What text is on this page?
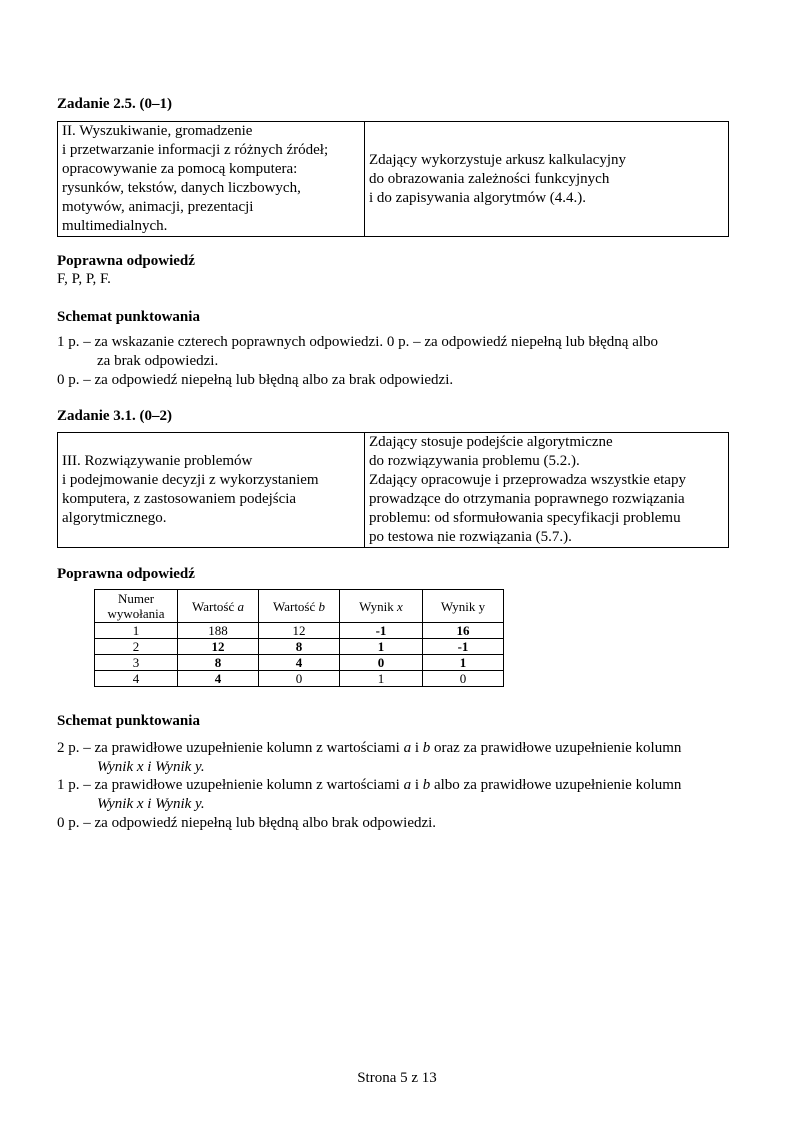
Zadanie 2.5. (0–1)
II. Wyszukiwanie, gromadzenie
i przetwarzanie informacji z różnych źródeł;
opracowywanie za pomocą komputera:
rysunków, tekstów, danych liczbowych,
motywów, animacji, prezentacji
multimedialnych.

Zdający wykorzystuje arkusz kalkulacyjny
do obrazowania zależności funkcyjnych
i do zapisywania algorytmów (4.4.).
Poprawna odpowiedź
F, P, P, F.
Schemat punktowania
1 p. – za wskazanie czterech poprawnych odpowiedzi. 0 p. – za odpowiedź niepełną lub błędną albo
za brak odpowiedzi.
0 p. – za odpowiedź niepełną lub błędną albo za brak odpowiedzi.
Zadanie 3.1. (0–2)
III. Rozwiązywanie problemów
i podejmowanie decyzji z wykorzystaniem
komputera, z zastosowaniem podejścia
algorytmicznego.

Zdający stosuje podejście algorytmiczne
do rozwiązywania problemu (5.2.).
Zdający opracowuje i przeprowadza wszystkie etapy
prowadzące do otrzymania poprawnego rozwiązania
problemu: od sformułowania specyfikacji problemu
po testowa nie rozwiązania (5.7.).
Poprawna odpowiedź
Numer
wywołania	Wartość a	Wartość b	Wynik x	Wynik y
1	188	12	-1	16
2	12	8	1	-1
3	8	4	0	1
4	4	0	1	0
Schemat punktowania
2 p. – za prawidłowe uzupełnienie kolumn z wartościami a i b oraz za prawidłowe uzupełnienie kolumn
Wynik x i Wynik y.
1 p. – za prawidłowe uzupełnienie kolumn z wartościami a i b albo za prawidłowe uzupełnienie kolumn
Wynik x i Wynik y.
0 p. – za odpowiedź niepełną lub błędną albo brak odpowiedzi.
Strona 5 z 13
